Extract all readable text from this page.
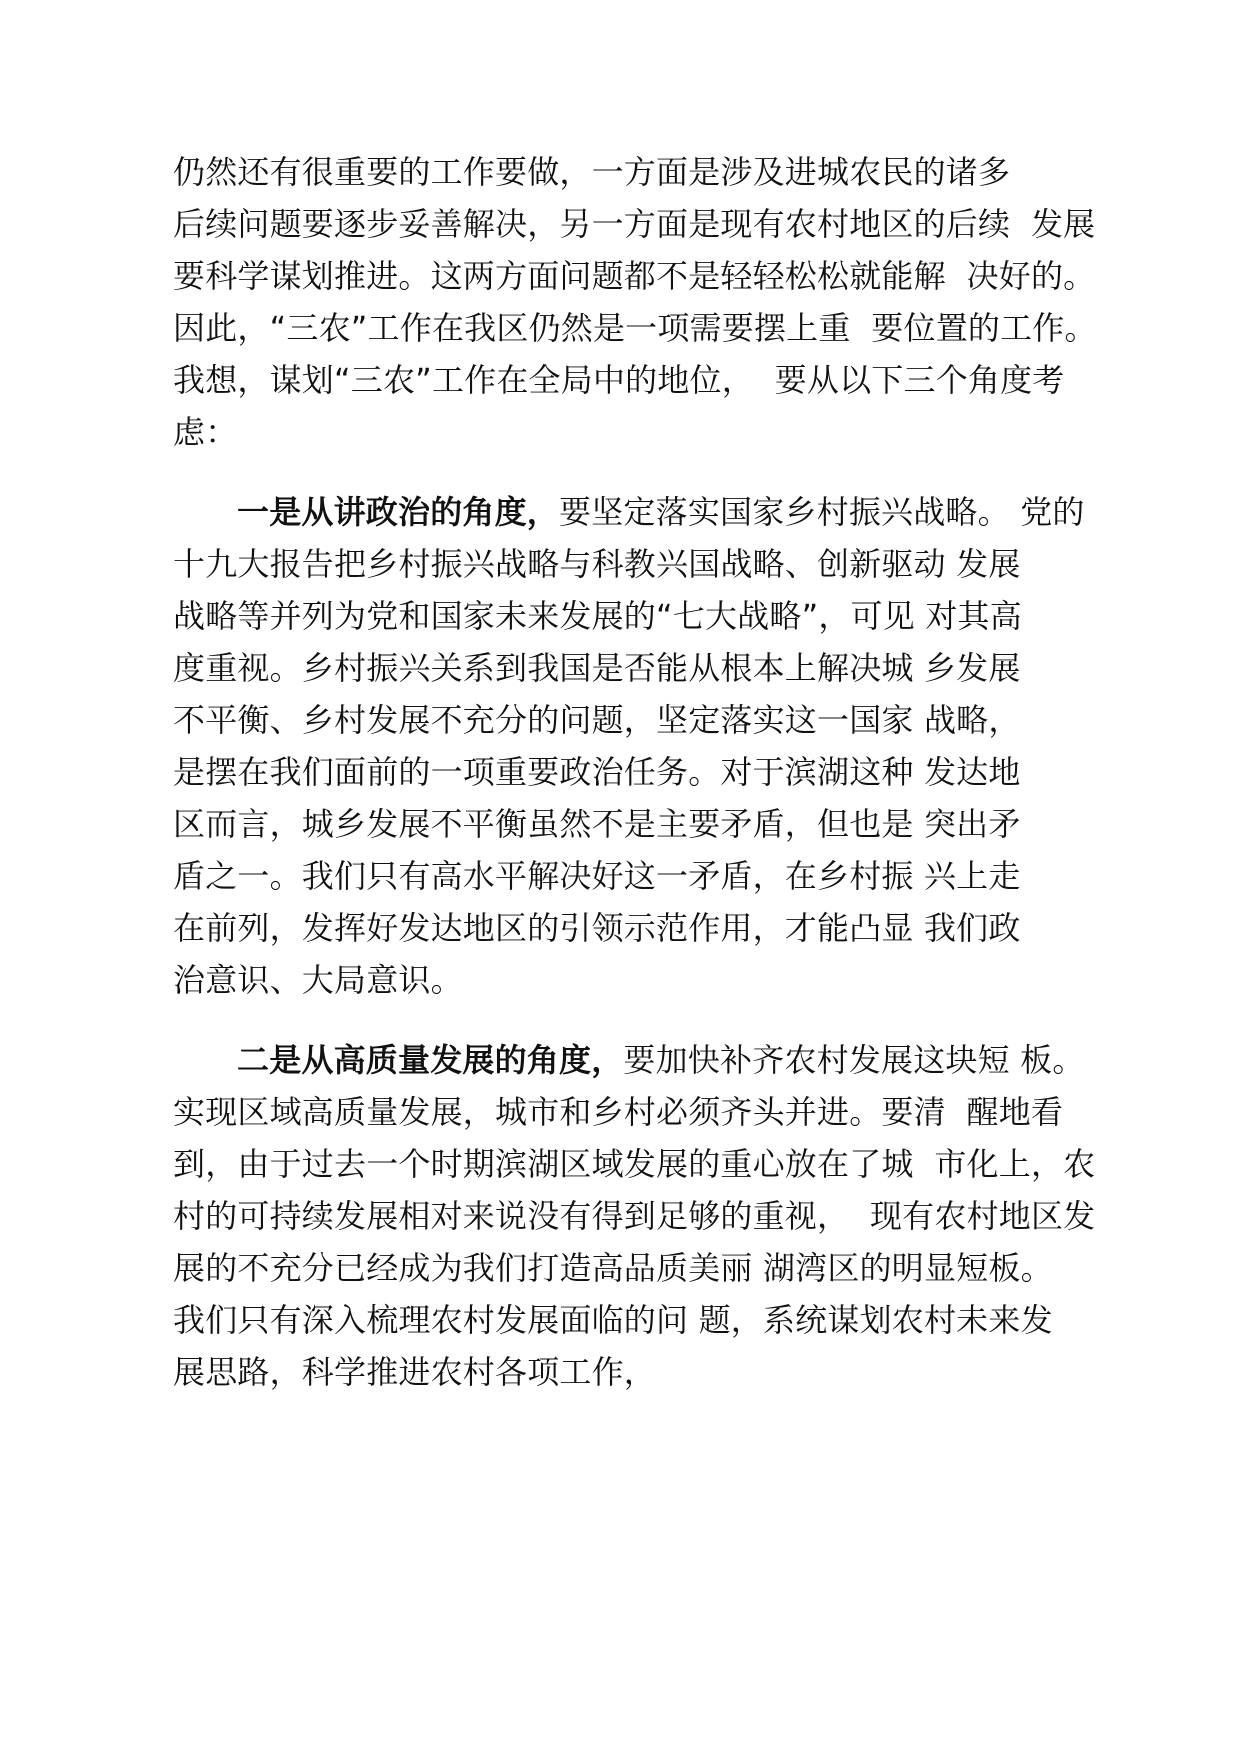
仍然还有很重要的工作要做，一方面是涉及进城农民的诸多
后续问题要逐步妥善解决，另一方面是现有农村地区的后续  发展
要科学谋划推进。这两方面问题都不是轻轻松松就能解  决好的。
因此，“三农”工作在我区仍然是一项需要摆上重  要位置的工作。
我想，谋划“三农”工作在全局中的地位，  要从以下三个角度考
虑：
一是从讲政治的角度，要坚定落实国家乡村振兴战略。 党的
十九大报告把乡村振兴战略与科教兴国战略、创新驱动 发展
战略等并列为党和国家未来发展的“七大战略”，可见 对其高
度重视。乡村振兴关系到我国是否能从根本上解决城 乡发展
不平衡、乡村发展不充分的问题，坚定落实这一国家 战略，
是摆在我们面前的一项重要政治任务。对于滨湖这种 发达地
区而言，城乡发展不平衡虽然不是主要矛盾，但也是 突出矛
盾之一。我们只有高水平解决好这一矛盾，在乡村振 兴上走
在前列，发挥好发达地区的引领示范作用，才能凸显 我们政
治意识、大局意识。
二是从高质量发展的角度，要加快补齐农村发展这块短 板。
实现区域高质量发展，城市和乡村必须齐头并进。要清  醒地看
到，由于过去一个时期滨湖区域发展的重心放在了城  市化上，农
村的可持续发展相对来说没有得到足够的重视，  现有农村地区发
展的不充分已经成为我们打造高品质美丽 湖湾区的明显短板。
我们只有深入梳理农村发展面临的问 题，系统谋划农村未来发
展思路，科学推进农村各项工作，
